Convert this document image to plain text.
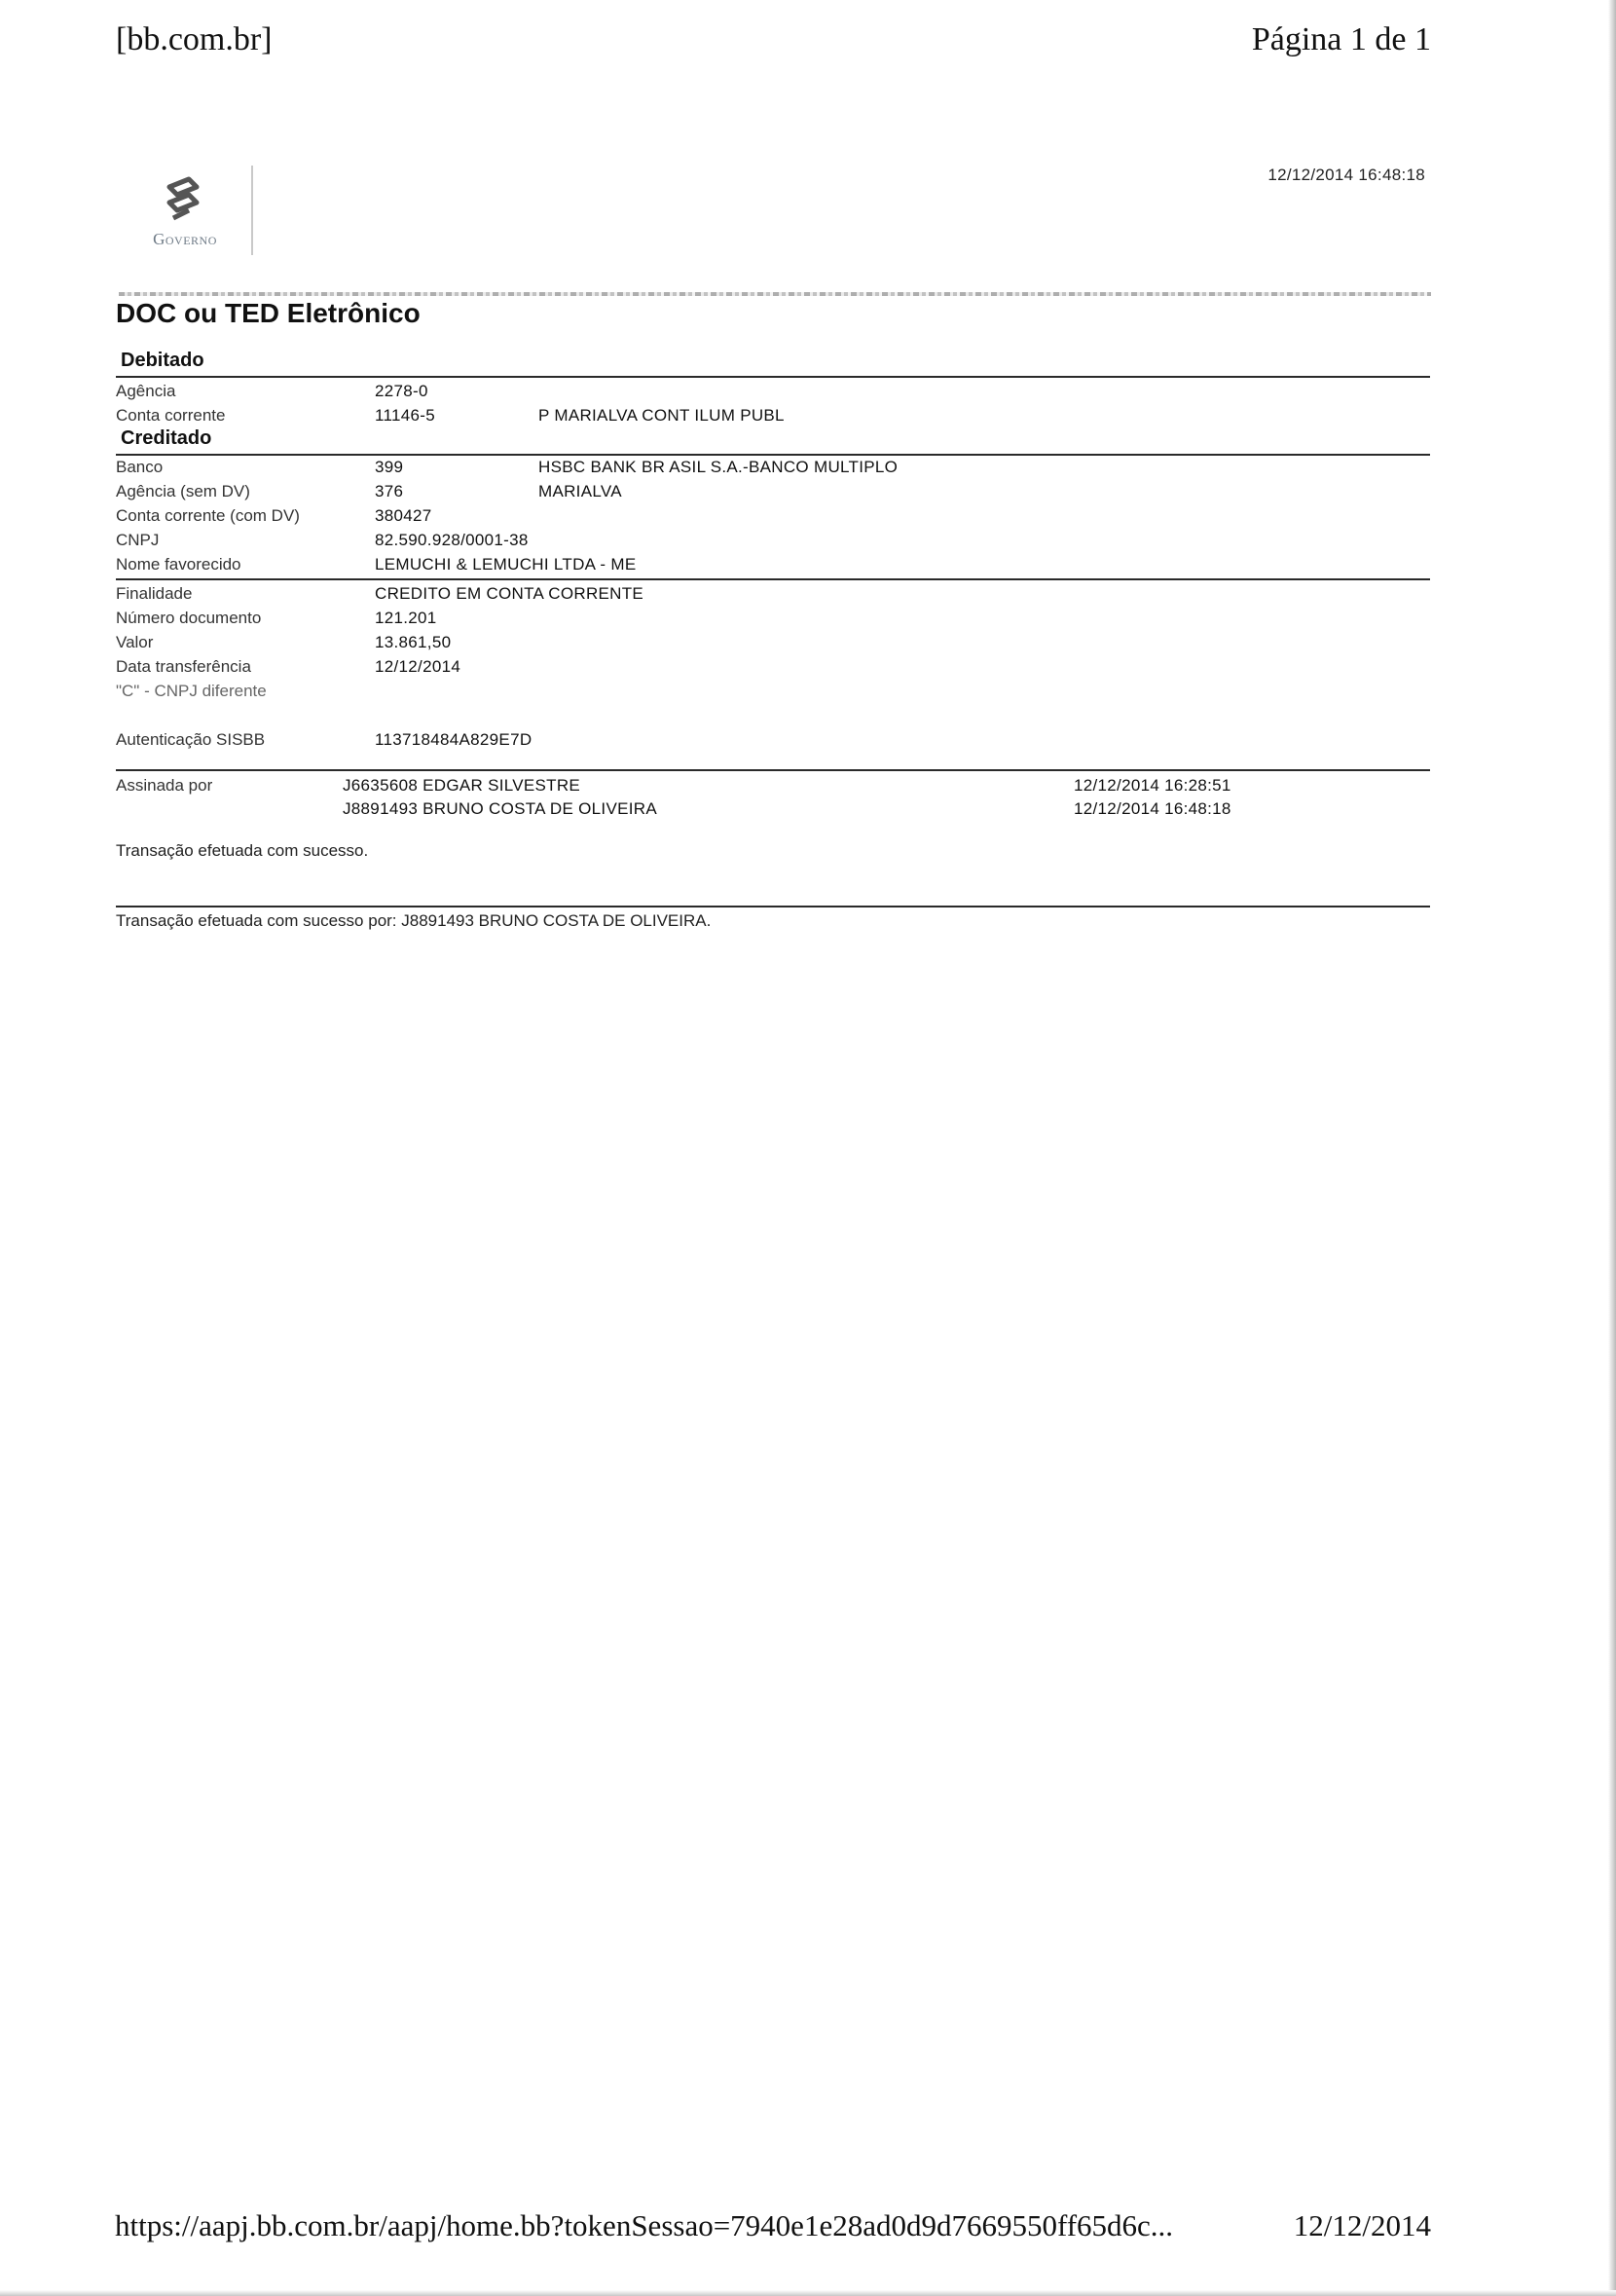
[bb.com.br]	Página 1 de 1
12/12/2014 16:48:18
Governo
DOC ou TED Eletrônico
Debitado
Agência	2278-0
Conta corrente	11146-5	P MARIALVA CONT ILUM PUBL
Creditado
Banco	399	HSBC BANK BR ASIL S.A.-BANCO MULTIPLO
Agência (sem DV)	376	MARIALVA
Conta corrente (com DV)	380427
CNPJ	82.590.928/0001-38
Nome favorecido	LEMUCHI & LEMUCHI LTDA - ME
Finalidade	CREDITO EM CONTA CORRENTE
Número documento	121.201
Valor	13.861,50
Data transferência	12/12/2014
"C" - CNPJ diferente
Autenticação SISBB	113718484A829E7D
Assinada por	J6635608 EDGAR SILVESTRE	12/12/2014 16:28:51
J8891493 BRUNO COSTA DE OLIVEIRA	12/12/2014 16:48:18
Transação efetuada com sucesso.
Transação efetuada com sucesso por: J8891493 BRUNO COSTA DE OLIVEIRA.
https://aapj.bb.com.br/aapj/home.bb?tokenSessao=7940e1e28ad0d9d7669550ff65d6c...	12/12/2014
